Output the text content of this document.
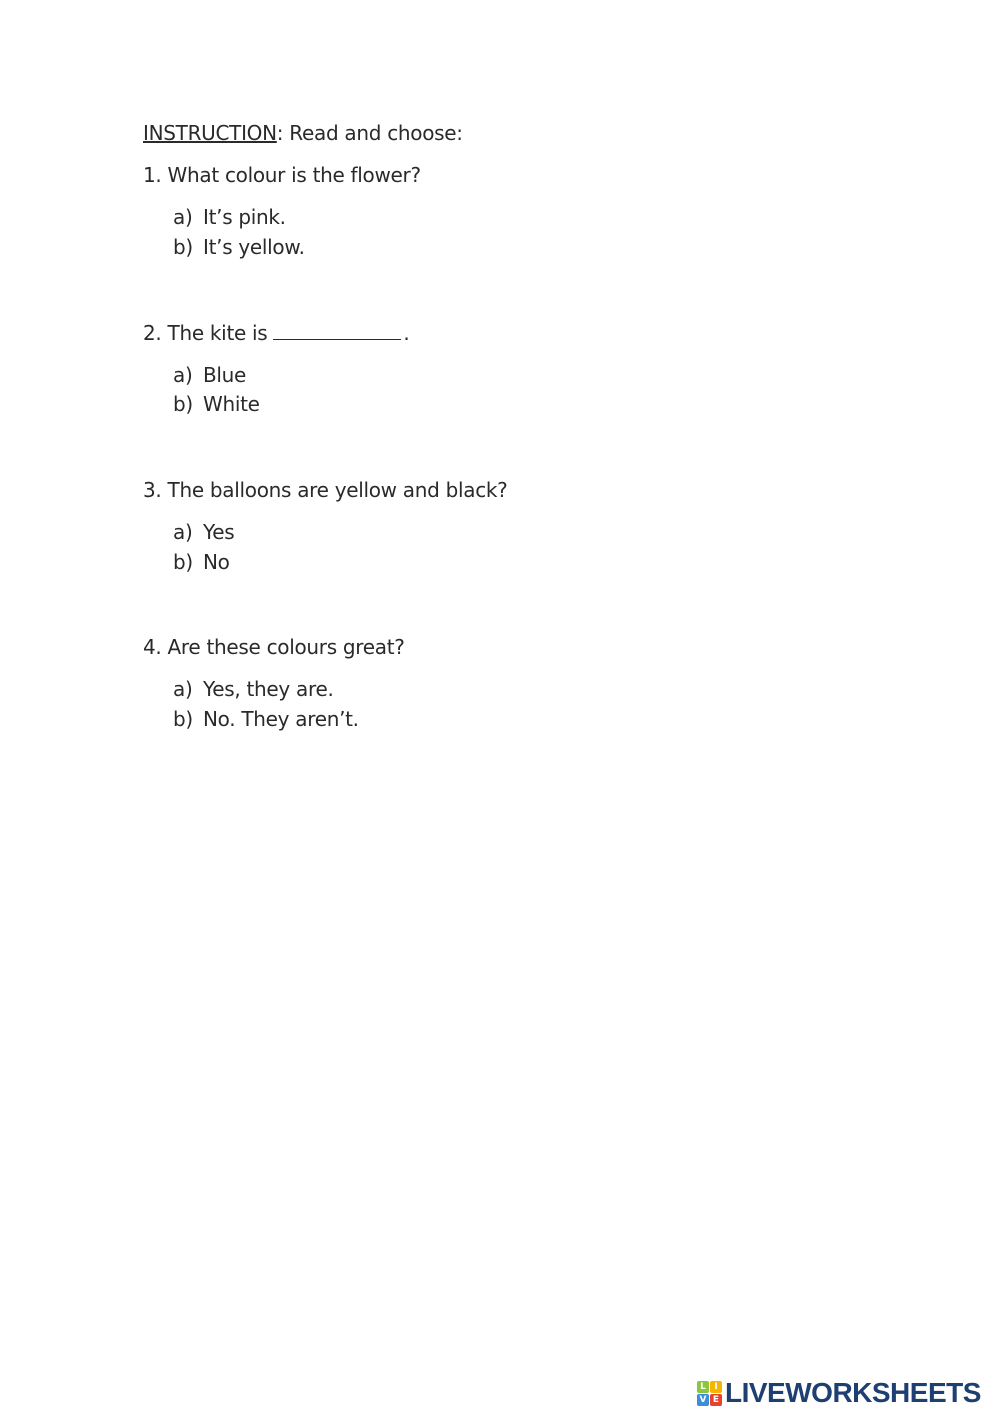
INSTRUCTION: Read and choose:
1. What colour is the flower?
a) It’s pink.
b) It’s yellow.
2. The kite is	.
a) Blue
b) White
3. The balloons are yellow and black?
a) Yes
b) No
4. Are these colours great?
a) Yes, they are.
b) No. They aren’t.
L I
V E LIVEWORKSHEETS
